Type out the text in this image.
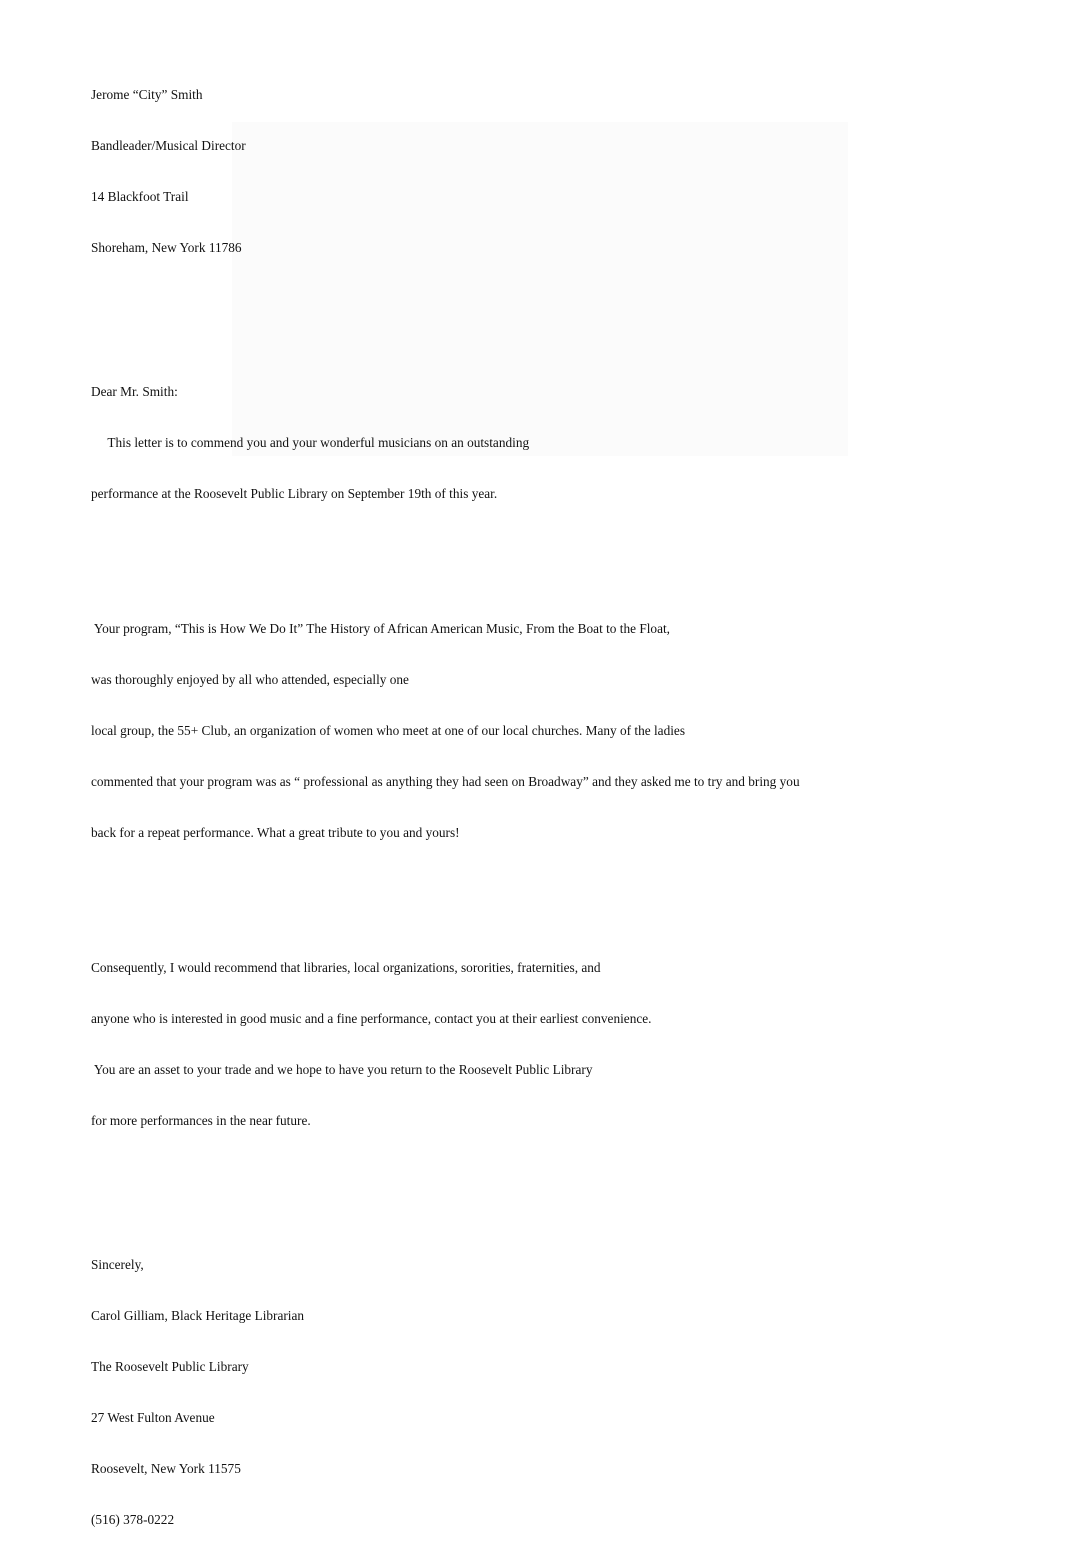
Jerome “City” Smith

Bandleader/Musical Director

14 Blackfoot Trail

Shoreham, New York 11786

Dear Mr. Smith:

This letter is to commend you and your wonderful musicians on an outstanding

performance at the Roosevelt Public Library on September 19th of this year.

Your program, “This is How We Do It” The History of African American Music, From the Boat to the Float,

was thoroughly enjoyed by all who attended, especially one

local group, the 55+ Club, an organization of women who meet at one of our local churches. Many of the ladies

commented that your program was as “ professional as anything they had seen on Broadway” and they asked me to try and bring you

back for a repeat performance. What a great tribute to you and yours!

Consequently, I would recommend that libraries, local organizations, sororities, fraternities, and

anyone who is interested in good music and a fine performance, contact you at their earliest convenience.

You are an asset to your trade and we hope to have you return to the Roosevelt Public Library

for more performances in the near future.

Sincerely,

Carol Gilliam, Black Heritage Librarian

The Roosevelt Public Library

27 West Fulton Avenue

Roosevelt, New York 11575

(516) 378-0222
